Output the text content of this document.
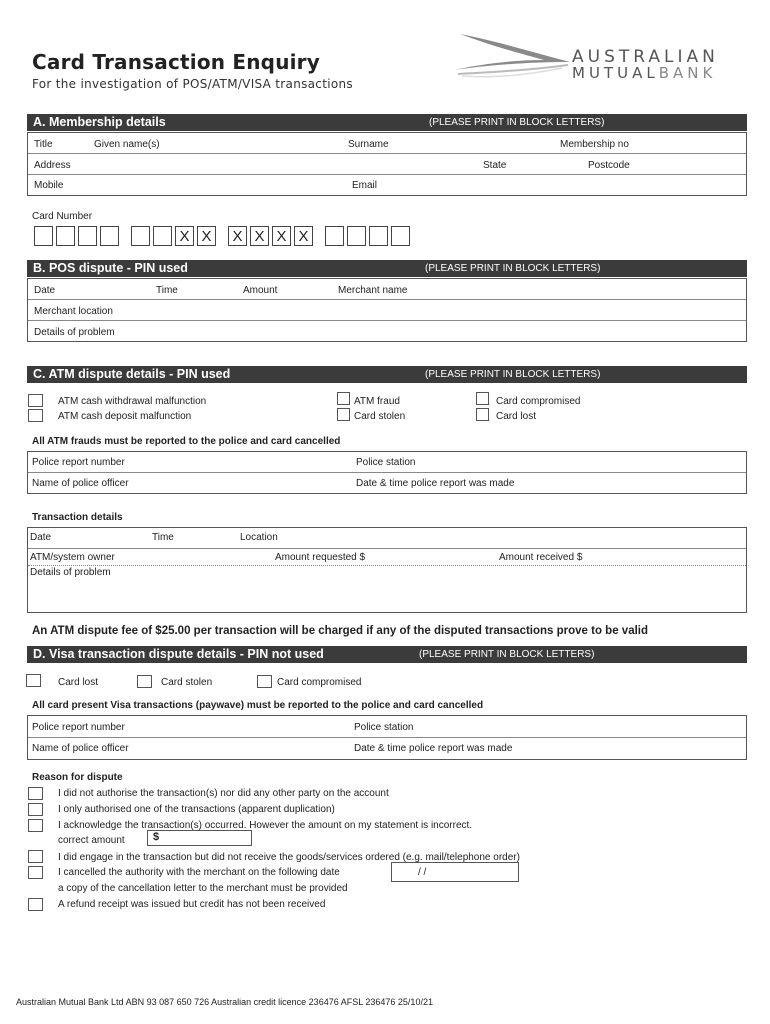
Card Transaction Enquiry
For the investigation of POS/ATM/VISA transactions
AUSTRALIAN
MUTUALBANK
A. Membership details	(PLEASE PRINT IN BLOCK LETTERS)
Title	Given name(s)	Surname	Membership no
Address	State	Postcode
Mobile	Email
Card Number
X X	X X X X
B. POS dispute - PIN used	(PLEASE PRINT IN BLOCK LETTERS)
Date	Time	Amount	Merchant name
Merchant location
Details of problem
C. ATM dispute details - PIN used	(PLEASE PRINT IN BLOCK LETTERS)
ATM cash withdrawal malfunction
ATM cash deposit malfunction
ATM fraud
Card stolen
Card compromised
Card lost
All ATM frauds must be reported to the police and card cancelled
Police report number	Police station
Name of police officer	Date & time police report was made
Transaction details
Date	Time	Location
ATM/system owner	Amount requested $	Amount received $
Details of problem
An ATM dispute fee of $25.00 per transaction will be charged if any of the disputed transactions prove to be valid
D. Visa transaction dispute details - PIN not used	(PLEASE PRINT IN BLOCK LETTERS)
Card lost	Card stolen	Card compromised
All card present Visa transactions (paywave) must be reported to the police and card cancelled
Police report number	Police station
Name of police officer	Date & time police report was made
Reason for dispute
I did not authorise the transaction(s) nor did any other party on the account
I only authorised one of the transactions (apparent duplication)
I acknowledge the transaction(s) occurred. However the amount on my statement is incorrect.
correct amount	$
I did engage in the transaction but did not receive the goods/services ordered (e.g. mail/telephone order)
I cancelled the authority with the merchant on the following date	/ /
a copy of the cancellation letter to the merchant must be provided
A refund receipt was issued but credit has not been received
Australian Mutual Bank Ltd ABN 93 087 650 726 Australian credit licence 236476 AFSL 236476 25/10/21
